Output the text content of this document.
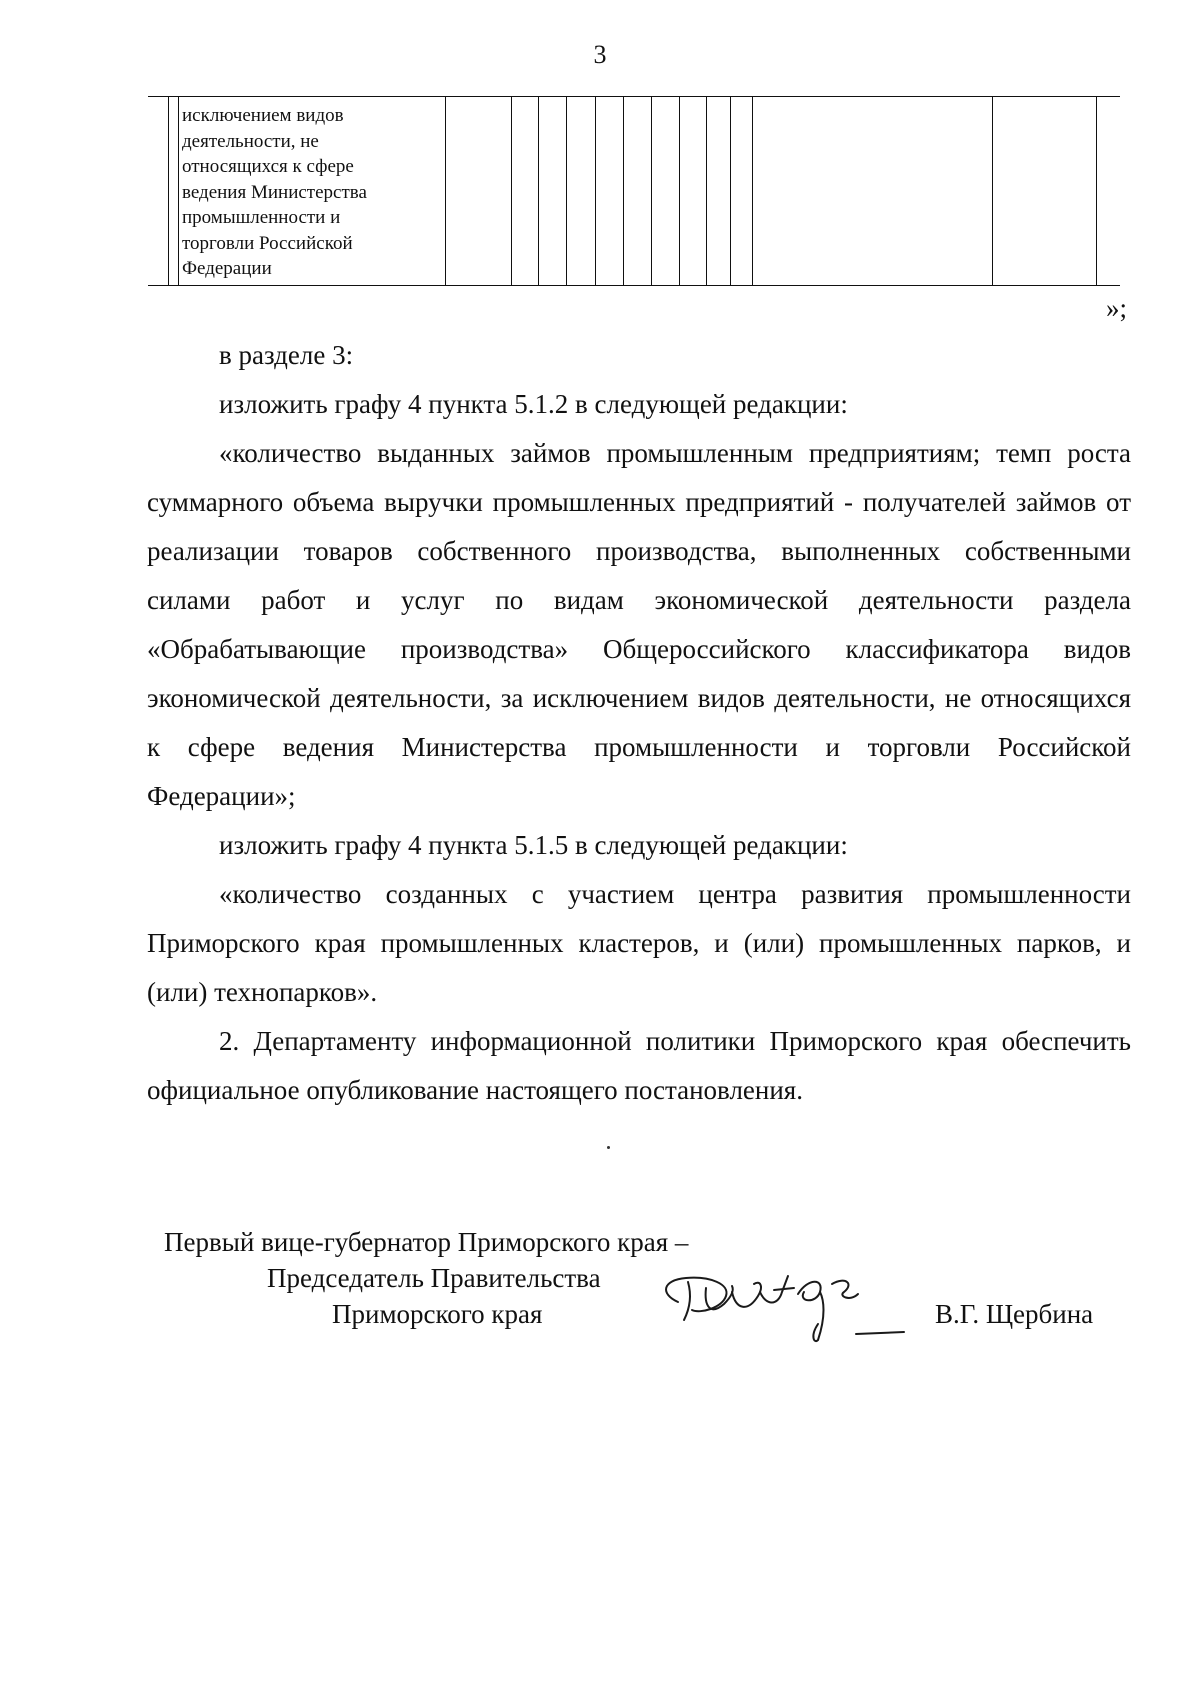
3
исключением видов
деятельности, не
относящихся к сфере
ведения Министерства
промышленности и
торговли Российской
Федерации
»;

в разделе 3:

изложить графу 4 пункта 5.1.2 в следующей редакции:

«количество выданных займов промышленным предприятиям; темп роста суммарного объема выручки промышленных предприятий - получателей займов от реализации товаров собственного производства, выполненных собственными силами работ и услуг по видам экономической деятельности раздела «Обрабатывающие производства» Общероссийского классификатора видов экономической деятельности, за исключением видов деятельности, не относящихся к сфере ведения Министерства промышленности и торговли Российской Федерации»;

изложить графу 4 пункта 5.1.5 в следующей редакции:

«количество созданных с участием центра развития промышленности Приморского края промышленных кластеров, и (или) промышленных парков, и (или) технопарков».

2. Департаменту информационной политики Приморского края обеспечить официальное опубликование настоящего постановления.

Первый вице-губернатор Приморского края –
Председатель Правительства
Приморского края	В.Г. Щербина
